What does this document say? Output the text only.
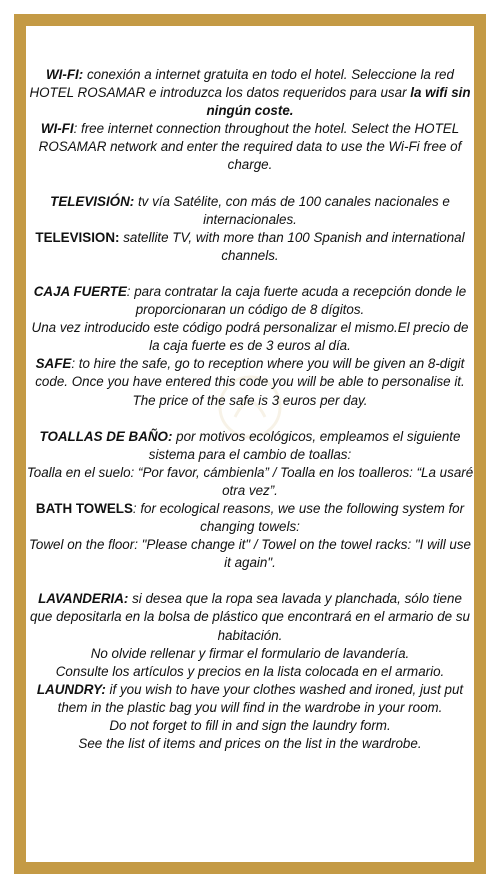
WI-FI: conexión a internet gratuita en todo el hotel. Seleccione la red HOTEL ROSAMAR e introduzca los datos requeridos para usar la wifi sin ningún coste.

WI-FI: free internet connection throughout the hotel. Select the HOTEL ROSAMAR network and enter the required data to use the Wi-Fi free of charge.

TELEVISIÓN: tv vía Satélite, con más de 100 canales nacionales e internacionales.

TELEVISION: satellite TV, with more than 100 Spanish and international channels.

CAJA FUERTE: para contratar la caja fuerte acuda a recepción donde le proporcionaran un código de 8 dígitos.

Una vez introducido este código podrá personalizar el mismo.El precio de la caja fuerte es de 3 euros al día.

SAFE: to hire the safe, go to reception where you will be given an 8-digit code. Once you have entered this code you will be able to personalise it.

The price of the safe is 3 euros per day.

TOALLAS DE BAÑO: por motivos ecológicos, empleamos el siguiente sistema para el cambio de toallas:

Toalla en el suelo: “Por favor, cámbienla” / Toalla en los toalleros: “La usaré otra vez”.

BATH TOWELS: for ecological reasons, we use the following system for changing towels:

Towel on the floor: "Please change it" / Towel on the towel racks: "I will use it again".

LAVANDERIA: si desea que la ropa sea lavada y planchada, sólo tiene que depositarla en la bolsa de plástico que encontrará en el armario de su habitación.

No olvide rellenar y firmar el formulario de lavandería.

Consulte los artículos y precios en la lista colocada en el armario.

LAUNDRY: if you wish to have your clothes washed and ironed, just put them in the plastic bag you will find in the wardrobe in your room.

Do not forget to fill in and sign the laundry form.

See the list of items and prices on the list in the wardrobe.
